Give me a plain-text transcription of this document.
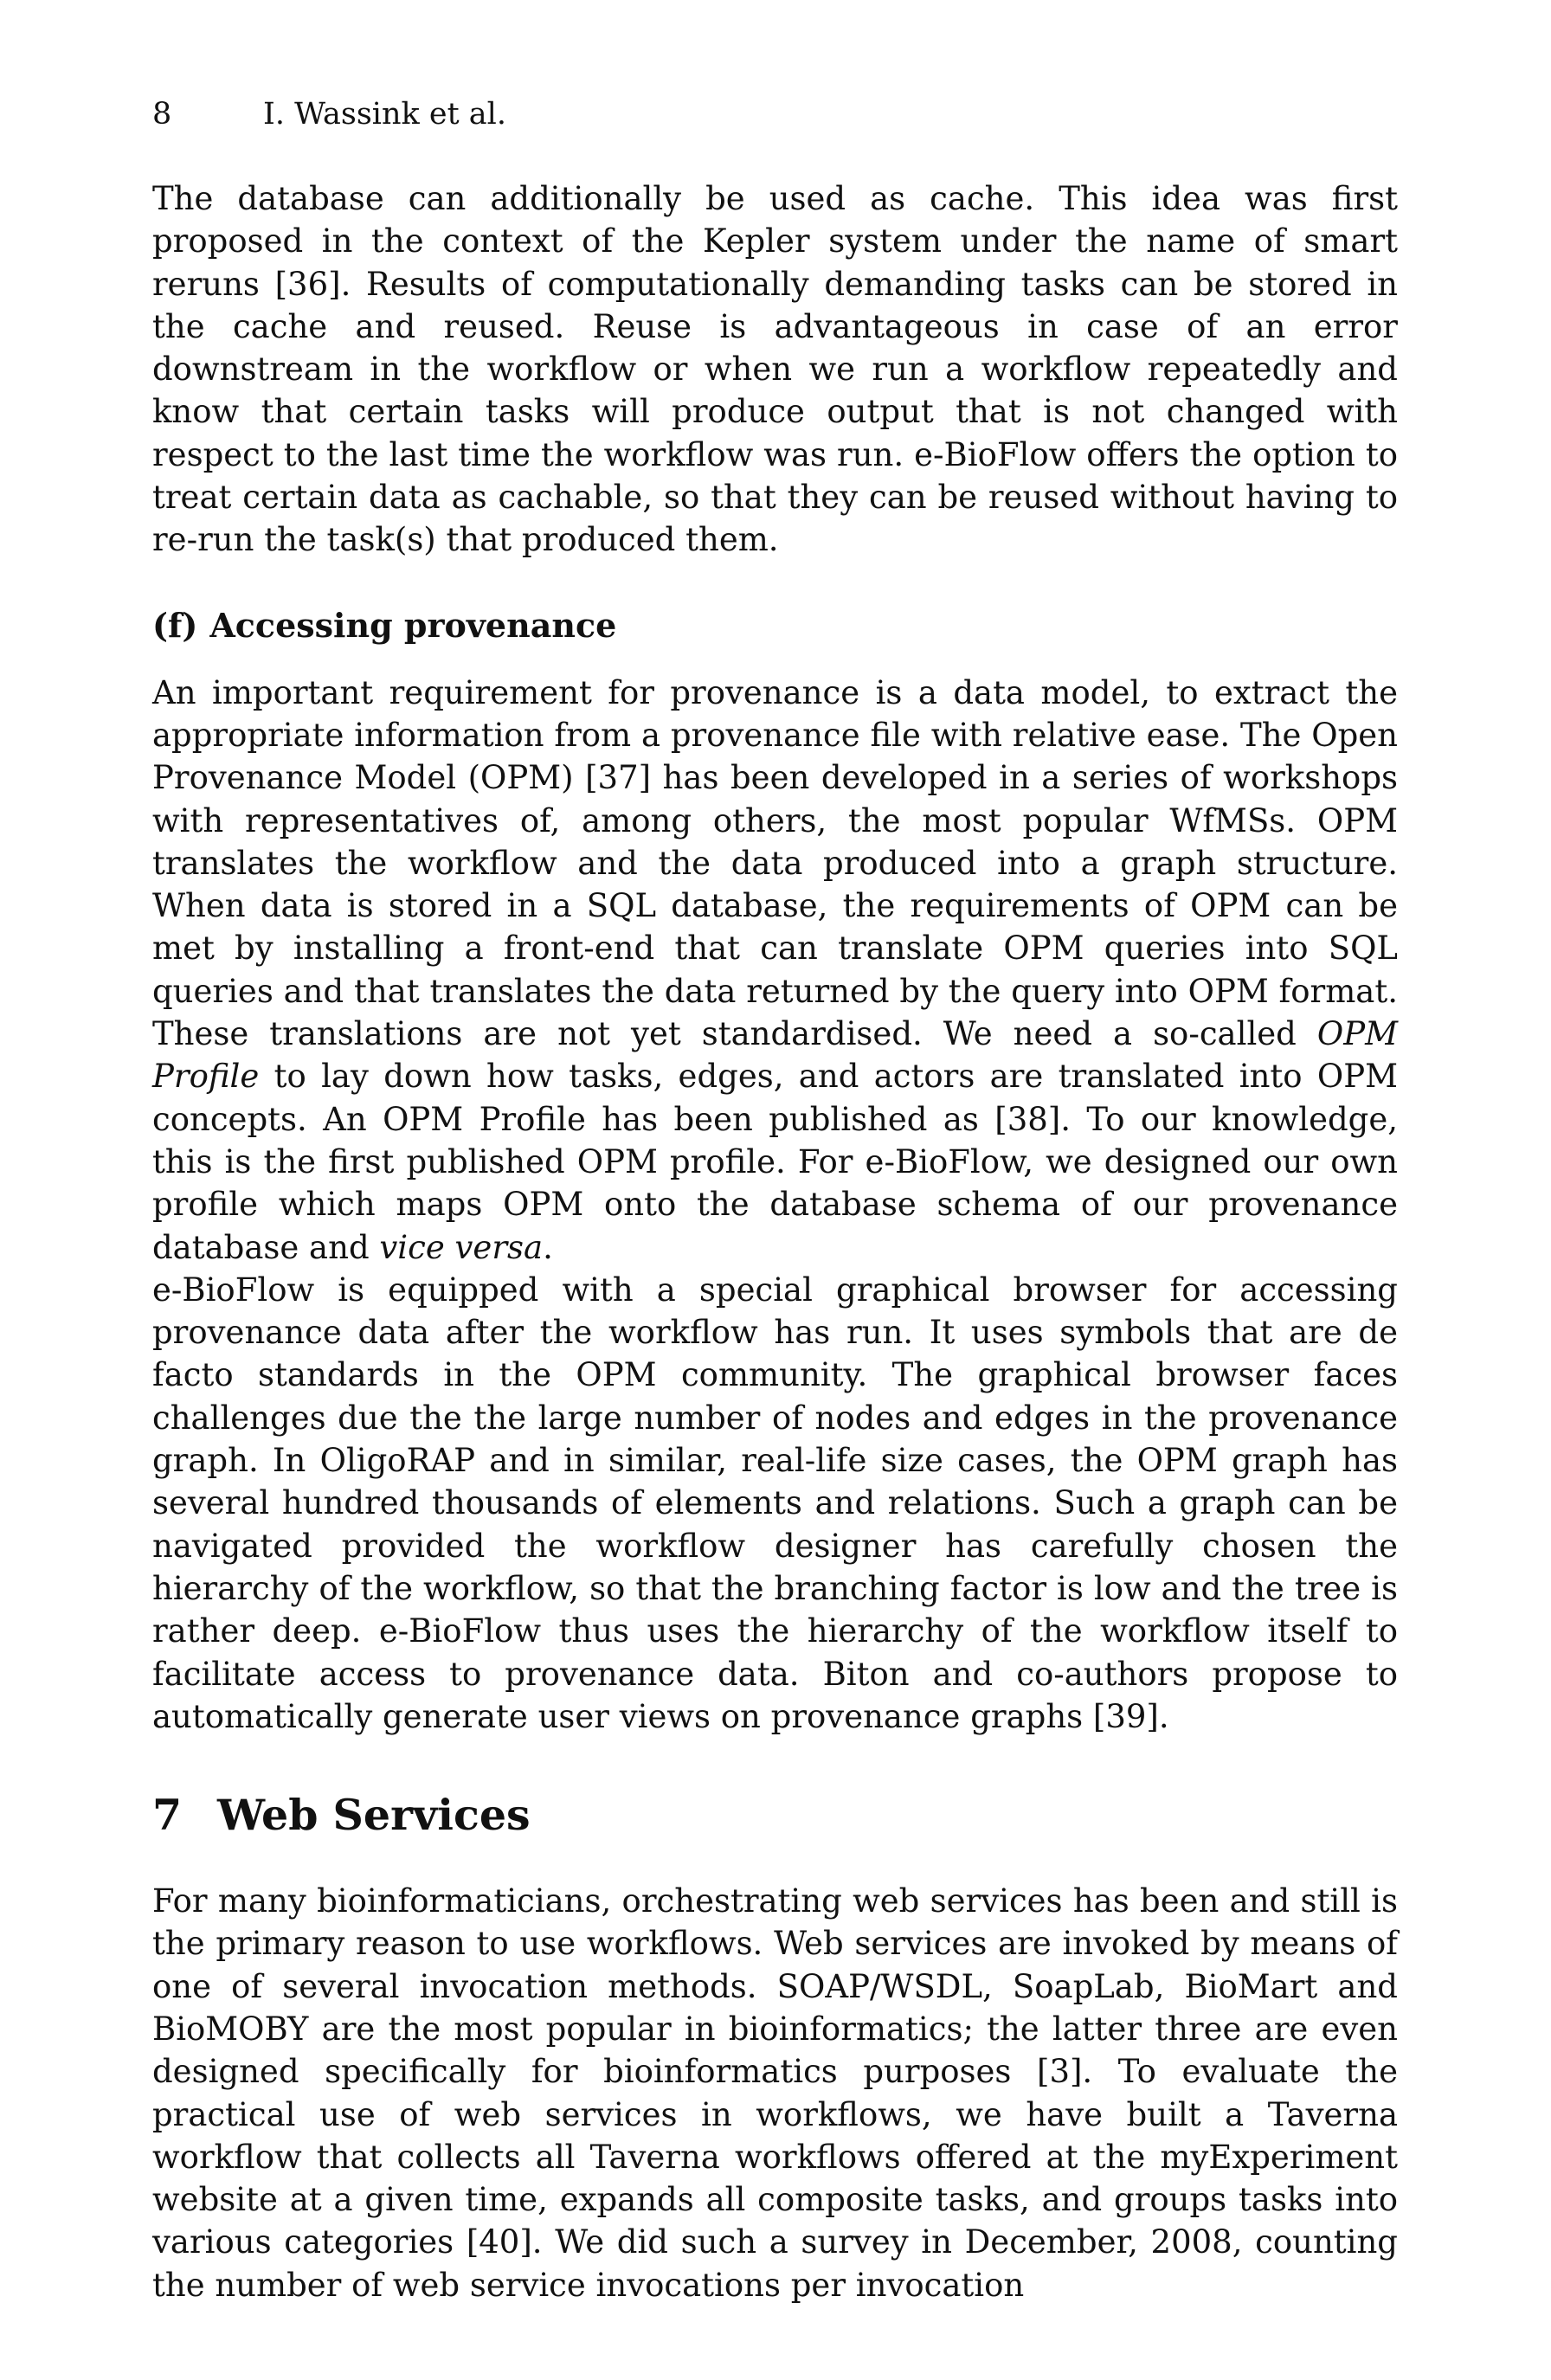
8	I. Wassink et al.

The database can additionally be used as cache. This idea was first proposed in the context of the Kepler system under the name of smart reruns [36]. Results of computationally demanding tasks can be stored in the cache and reused. Reuse is advantageous in case of an error downstream in the workflow or when we run a workflow repeatedly and know that certain tasks will produce output that is not changed with respect to the last time the workflow was run. e-BioFlow offers the option to treat certain data as cachable, so that they can be reused without having to re-run the task(s) that produced them.

(f) Accessing provenance

An important requirement for provenance is a data model, to extract the appropriate information from a provenance file with relative ease. The Open Provenance Model (OPM) [37] has been developed in a series of workshops with representatives of, among others, the most popular WfMSs. OPM translates the workflow and the data produced into a graph structure. When data is stored in a SQL database, the requirements of OPM can be met by installing a front-end that can translate OPM queries into SQL queries and that translates the data returned by the query into OPM format. These translations are not yet standardised. We need a so-called OPM Profile to lay down how tasks, edges, and actors are translated into OPM concepts. An OPM Profile has been published as [38]. To our knowledge, this is the first published OPM profile. For e-BioFlow, we designed our own profile which maps OPM onto the database schema of our provenance database and vice versa.

e-BioFlow is equipped with a special graphical browser for accessing provenance data after the workflow has run. It uses symbols that are de facto standards in the OPM community. The graphical browser faces challenges due the the large number of nodes and edges in the provenance graph. In OligoRAP and in similar, real-life size cases, the OPM graph has several hundred thousands of elements and relations. Such a graph can be navigated provided the workflow designer has carefully chosen the hierarchy of the workflow, so that the branching factor is low and the tree is rather deep. e-BioFlow thus uses the hierarchy of the workflow itself to facilitate access to provenance data. Biton and co-authors propose to automatically generate user views on provenance graphs [39].

7 Web Services

For many bioinformaticians, orchestrating web services has been and still is the primary reason to use workflows. Web services are invoked by means of one of several invocation methods. SOAP/WSDL, SoapLab, BioMart and BioMOBY are the most popular in bioinformatics; the latter three are even designed specifically for bioinformatics purposes [3]. To evaluate the practical use of web services in workflows, we have built a Taverna workflow that collects all Taverna workflows offered at the myExperiment website at a given time, expands all composite tasks, and groups tasks into various categories [40]. We did such a survey in December, 2008, counting the number of web service invocations per invocation
